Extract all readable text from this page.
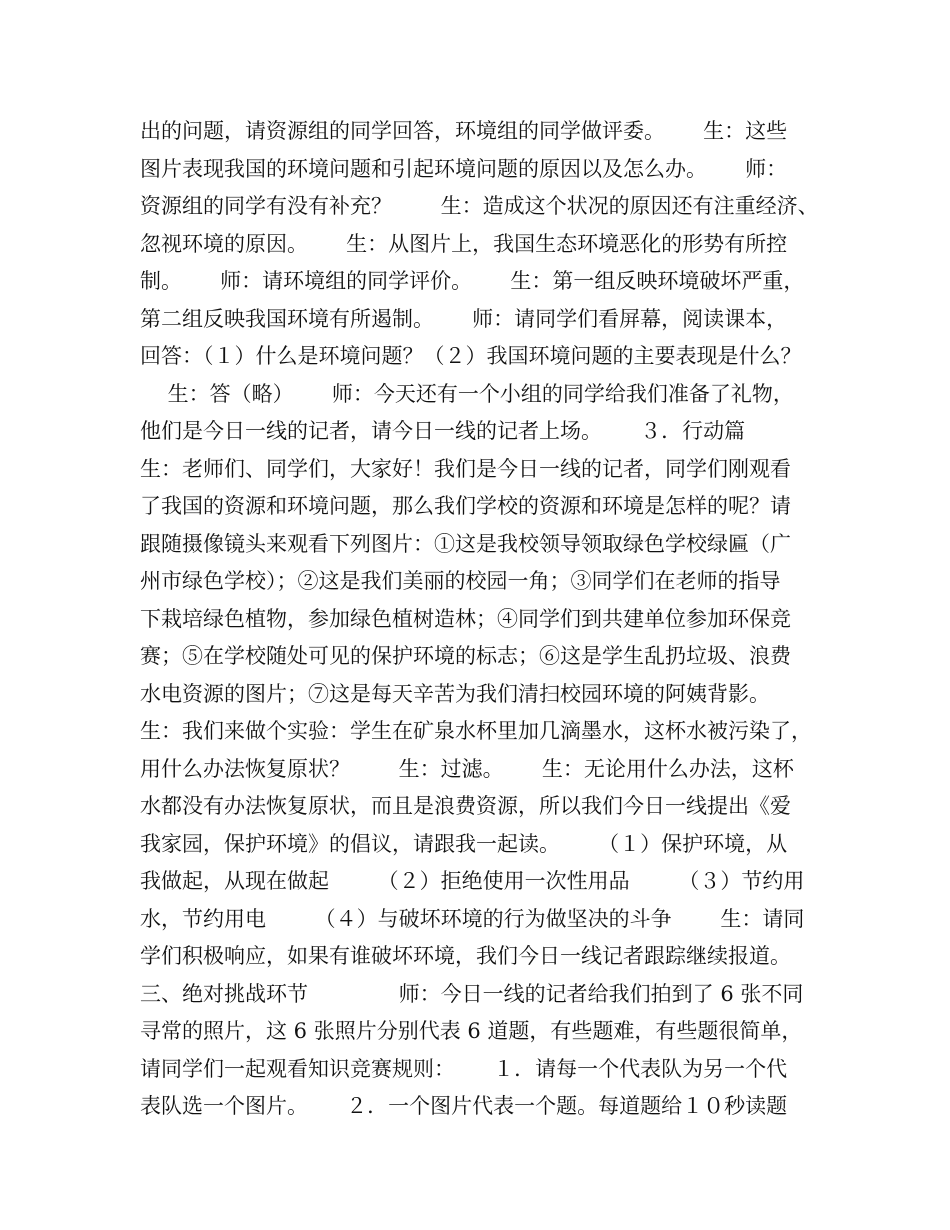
出的问题，请资源组的同学回答，环境组的同学做评委。　　 生：这些
图片表现我国的环境问题和引起环境问题的原因以及怎么办。　　 师：
资源组的同学有没有补充？　　 生：造成这个状况的原因还有注重经济、
忽视环境的原因。　　 生：从图片上，我国生态环境恶化的形势有所控
制。　　 师：请环境组的同学评价。　　 生：第一组反映环境破坏严重，
第二组反映我国环境有所遏制。　　 师：请同学们看屏幕，阅读课本，
回答：（１）什么是环境问题？（２）我国环境问题的主要表现是什么？
　 生：答（略）　　 师：今天还有一个小组的同学给我们准备了礼物，
他们是今日一线的记者，请今日一线的记者上场。　　 ３．行动篇
生：老师们、同学们，大家好！我们是今日一线的记者，同学们刚观看
了我国的资源和环境问题，那么我们学校的资源和环境是怎样的呢？请
跟随摄像镜头来观看下列图片：①这是我校领导领取绿色学校绿匾（广
州市绿色学校）；②这是我们美丽的校园一角；③同学们在老师的指导
下栽培绿色植物，参加绿色植树造林；④同学们到共建单位参加环保竞
赛；⑤在学校随处可见的保护环境的标志；⑥这是学生乱扔垃圾、浪费
水电资源的图片；⑦这是每天辛苦为我们清扫校园环境的阿姨背影。
生：我们来做个实验：学生在矿泉水杯里加几滴墨水，这杯水被污染了，
用什么办法恢复原状？　　 生：过滤。　　 生：无论用什么办法，这杯
水都没有办法恢复原状，而且是浪费资源，所以我们今日一线提出《爱
我家园，保护环境》的倡议，请跟我一起读。　　 （１）保护环境，从
我做起，从现在做起　　 （２）拒绝使用一次性用品　　 （３）节约用
水，节约用电　　 （４）与破坏环境的行为做坚决的斗争　　 生：请同
学们积极响应，如果有谁破坏环境，我们今日一线记者跟踪继续报道。
三、绝对挑战环节　　　　 师：今日一线的记者给我们拍到了 6 张不同
寻常的照片，这 6 张照片分别代表 6 道题，有些题难，有些题很简单，
请同学们一起观看知识竞赛规则：　　 １．请每一个代表队为另一个代
表队选一个图片。　　 ２．一个图片代表一个题。每道题给１０秒读题
